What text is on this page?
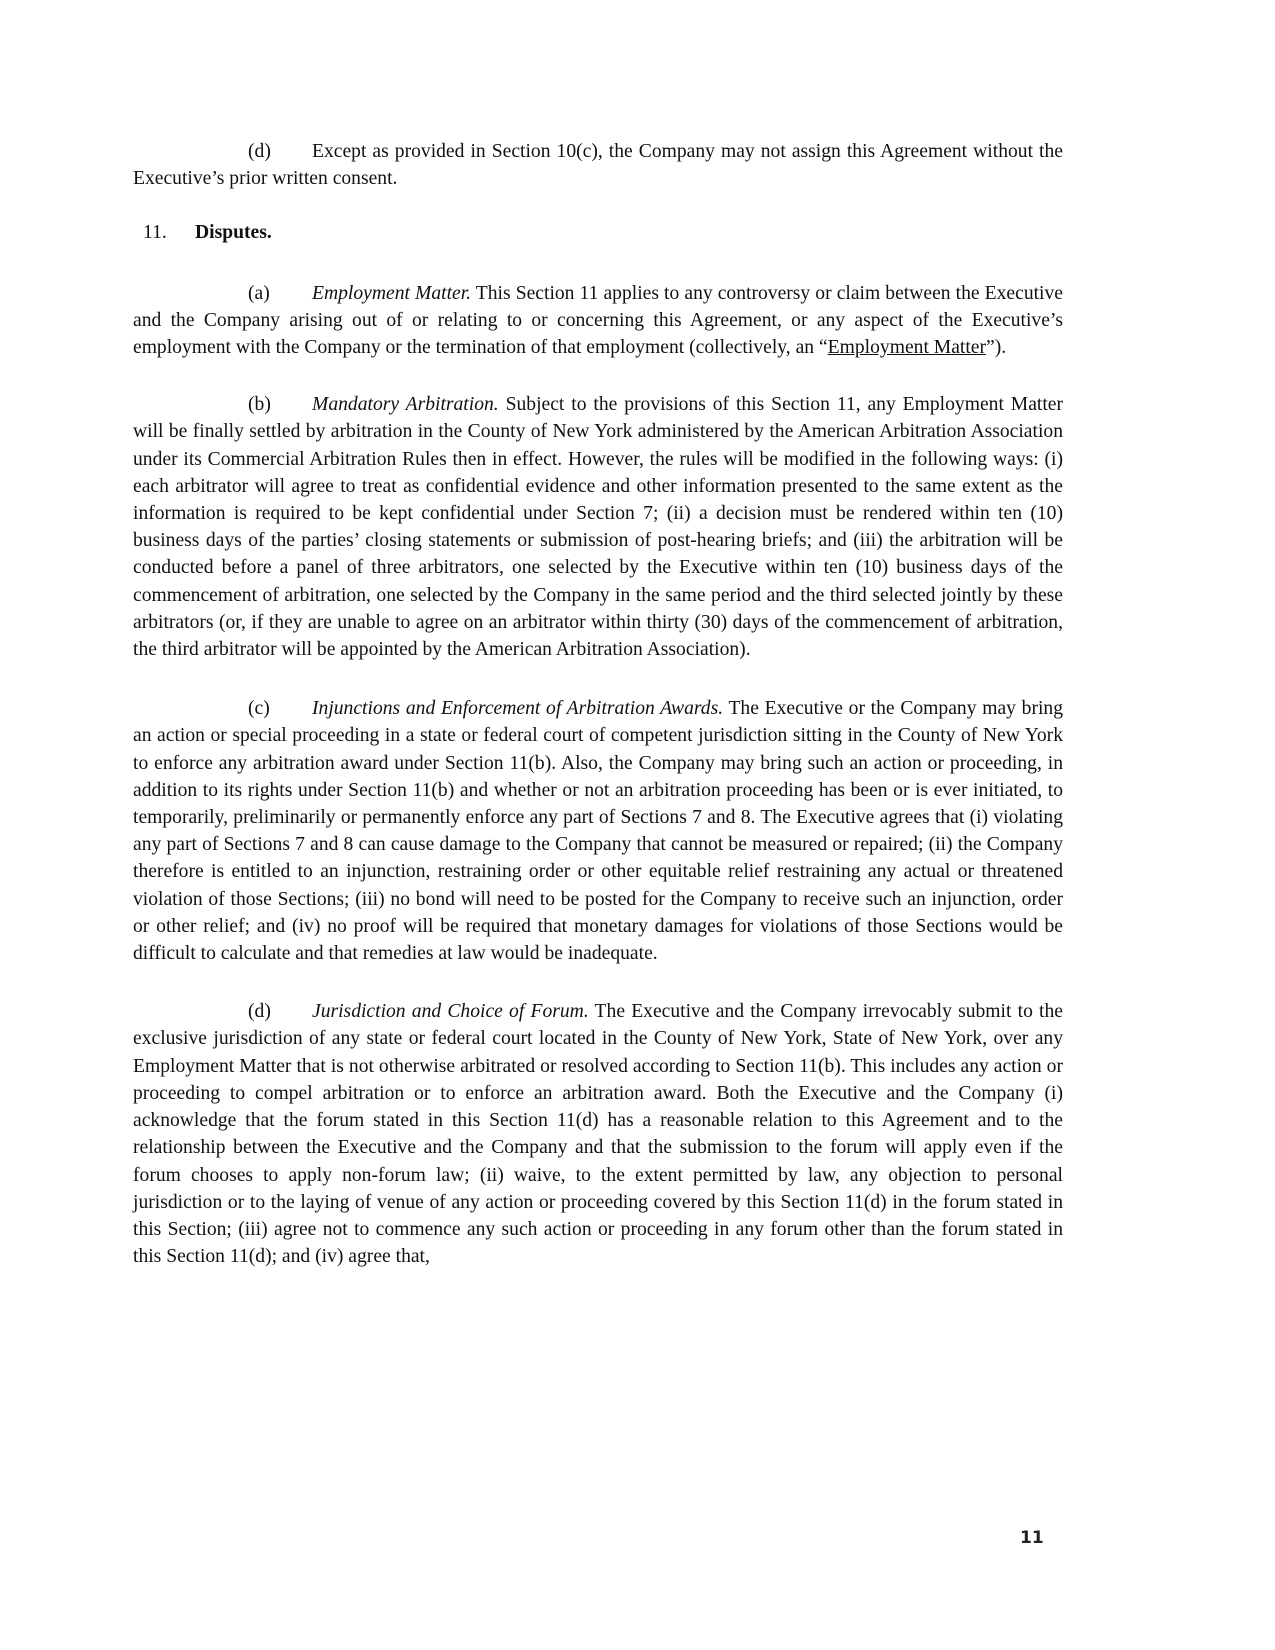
(d) Except as provided in Section 10(c), the Company may not assign this Agreement without the Executive’s prior written consent.

11. Disputes.

(a) Employment Matter. This Section 11 applies to any controversy or claim between the Executive and the Company arising out of or relating to or concerning this Agreement, or any aspect of the Executive’s employment with the Company or the termination of that employment (collectively, an “Employment Matter”).

(b) Mandatory Arbitration. Subject to the provisions of this Section 11, any Employment Matter will be finally settled by arbitration in the County of New York administered by the American Arbitration Association under its Commercial Arbitration Rules then in effect. However, the rules will be modified in the following ways: (i) each arbitrator will agree to treat as confidential evidence and other information presented to the same extent as the information is required to be kept confidential under Section 7; (ii) a decision must be rendered within ten (10) business days of the parties’ closing statements or submission of post-hearing briefs; and (iii) the arbitration will be conducted before a panel of three arbitrators, one selected by the Executive within ten (10) business days of the commencement of arbitration, one selected by the Company in the same period and the third selected jointly by these arbitrators (or, if they are unable to agree on an arbitrator within thirty (30) days of the commencement of arbitration, the third arbitrator will be appointed by the American Arbitration Association).

(c) Injunctions and Enforcement of Arbitration Awards. The Executive or the Company may bring an action or special proceeding in a state or federal court of competent jurisdiction sitting in the County of New York to enforce any arbitration award under Section 11(b). Also, the Company may bring such an action or proceeding, in addition to its rights under Section 11(b) and whether or not an arbitration proceeding has been or is ever initiated, to temporarily, preliminarily or permanently enforce any part of Sections 7 and 8. The Executive agrees that (i) violating any part of Sections 7 and 8 can cause damage to the Company that cannot be measured or repaired; (ii) the Company therefore is entitled to an injunction, restraining order or other equitable relief restraining any actual or threatened violation of those Sections; (iii) no bond will need to be posted for the Company to receive such an injunction, order or other relief; and (iv) no proof will be required that monetary damages for violations of those Sections would be difficult to calculate and that remedies at law would be inadequate.

(d) Jurisdiction and Choice of Forum. The Executive and the Company irrevocably submit to the exclusive jurisdiction of any state or federal court located in the County of New York, State of New York, over any Employment Matter that is not otherwise arbitrated or resolved according to Section 11(b). This includes any action or proceeding to compel arbitration or to enforce an arbitration award. Both the Executive and the Company (i) acknowledge that the forum stated in this Section 11(d) has a reasonable relation to this Agreement and to the relationship between the Executive and the Company and that the submission to the forum will apply even if the forum chooses to apply non-forum law; (ii) waive, to the extent permitted by law, any objection to personal jurisdiction or to the laying of venue of any action or proceeding covered by this Section 11(d) in the forum stated in this Section; (iii) agree not to commence any such action or proceeding in any forum other than the forum stated in this Section 11(d); and (iv) agree that,

11
